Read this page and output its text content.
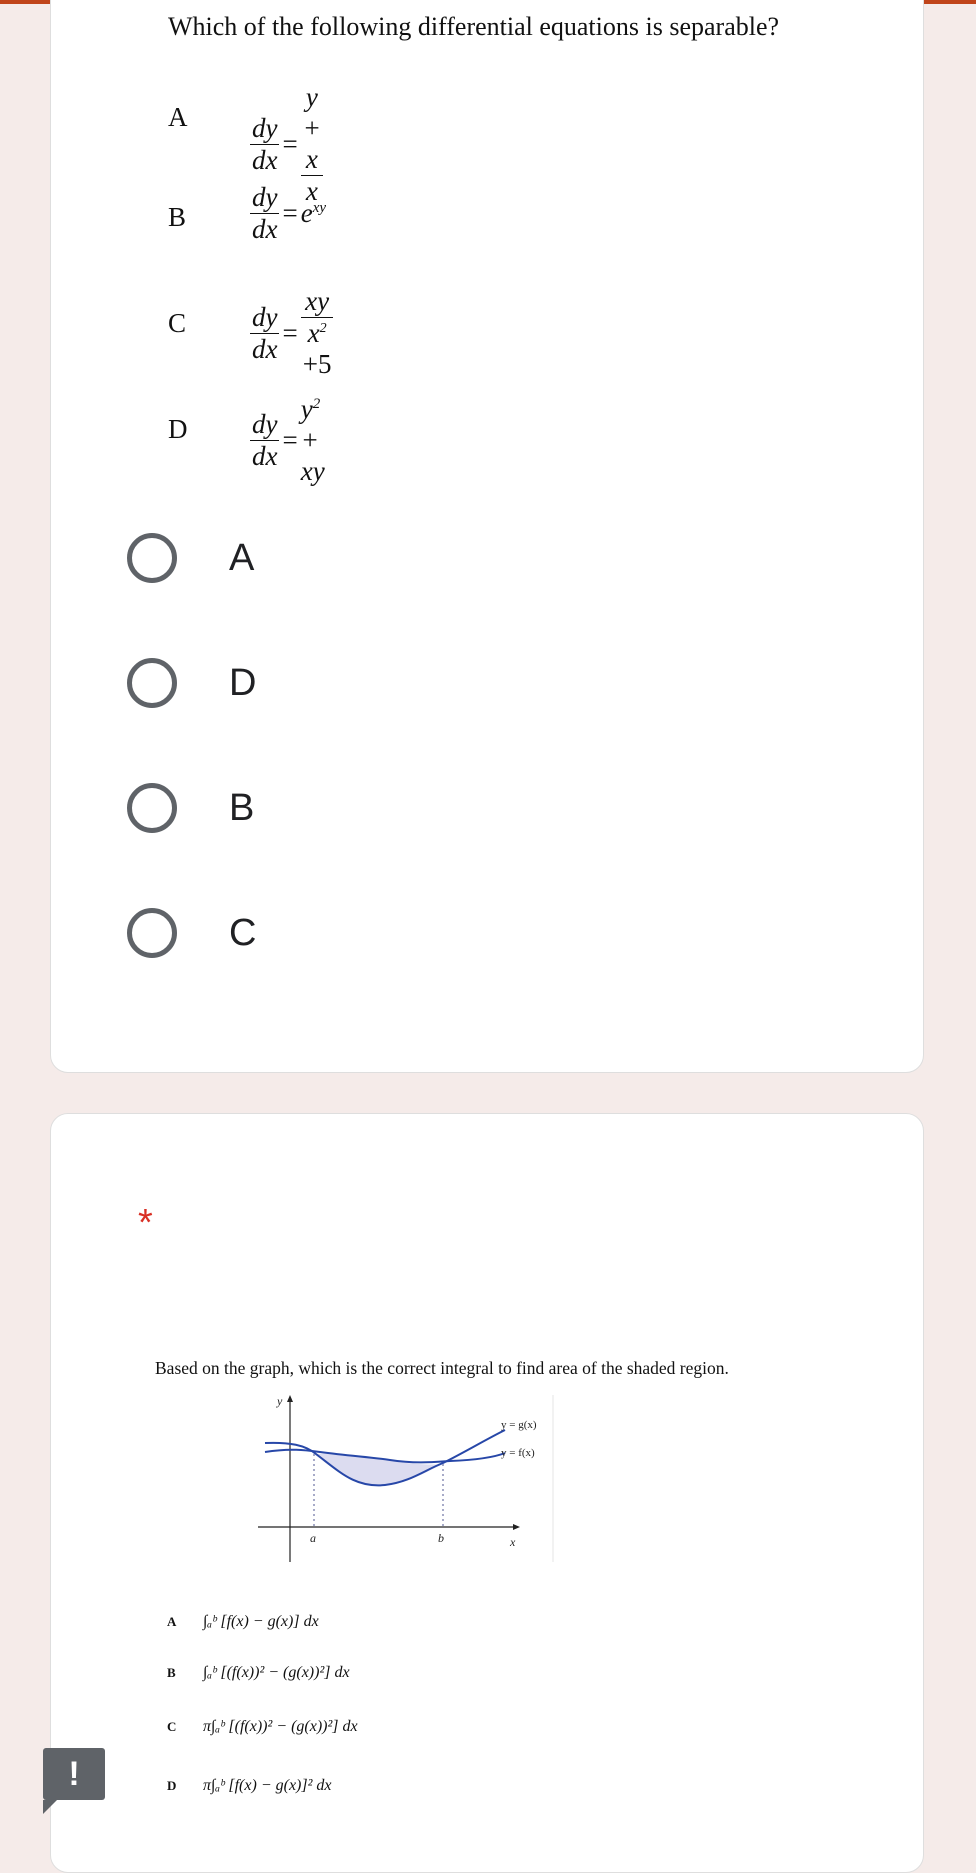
Which of the following differential equations is separable?
A $\frac{dy}{dx} = \frac{y + x}{x}$
B $\frac{dy}{dx} = e^{xy}$
C $\frac{dy}{dx} = \frac{xy}{x^2 +5}$
D $\frac{dy}{dx}$ =
$y^2$ + xy
A
D
B
C
*
Based on the graph, which is the correct integral to find area of the shaded region.
y
x
a	b
y = g(x)
y = f(x)
A ∫ₐᵇ [f(x) − g(x)] dx
B ∫ₐᵇ [(f(x))² − (g(x))²] dx
C π∫ₐᵇ [(f(x))² − (g(x))²] dx
D π∫ₐᵇ [f(x) − g(x)]² dx
!
